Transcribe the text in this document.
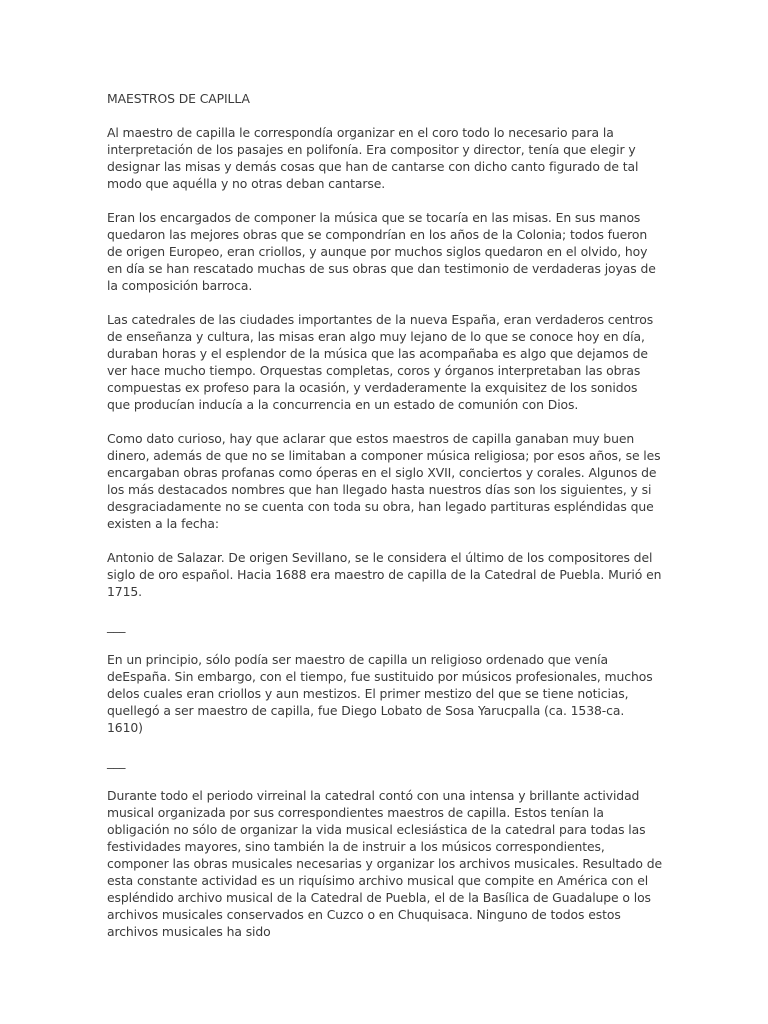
MAESTROS DE CAPILLA

Al maestro de capilla le correspondía organizar en el coro todo lo necesario para la interpretación de los pasajes en polifonía. Era compositor y director, tenía que elegir y designar las misas y demás cosas que han de cantarse con dicho canto figurado de tal modo que aquélla y no otras deban cantarse.

Eran los encargados de componer la música que se tocaría en las misas. En sus manos quedaron las mejores obras que se compondrían en los años de la Colonia; todos fueron de origen Europeo, eran criollos, y aunque por muchos siglos quedaron en el olvido, hoy en día se han rescatado muchas de sus obras que dan testimonio de verdaderas joyas de la composición barroca.

Las catedrales de las ciudades importantes de la nueva España, eran verdaderos centros de enseñanza y cultura, las misas eran algo muy lejano de lo que se conoce hoy en día, duraban horas y el esplendor de la música que las acompañaba es algo que dejamos de ver hace mucho tiempo. Orquestas completas, coros y órganos interpretaban las obras compuestas ex profeso para la ocasión, y verdaderamente la exquisitez de los sonidos que producían inducía a la concurrencia en un estado de comunión con Dios.

Como dato curioso, hay que aclarar que estos maestros de capilla ganaban muy buen dinero, además de que no se limitaban a componer música religiosa; por esos años, se les encargaban obras profanas como óperas en el siglo XVII, conciertos y corales. Algunos de los más destacados nombres que han llegado hasta nuestros días son los siguientes, y si desgraciadamente no se cuenta con toda su obra, han legado partituras espléndidas que existen a la fecha:

Antonio de Salazar. De origen Sevillano, se le considera el último de los compositores del siglo de oro español. Hacia 1688 era maestro de capilla de la Catedral de Puebla. Murió en 1715.

___

En un principio, sólo podía ser maestro de capilla un religioso ordenado que venía deEspaña. Sin embargo, con el tiempo, fue sustituido por músicos profesionales, muchos delos cuales eran criollos y aun mestizos. El primer mestizo del que se tiene noticias, quellegó a ser maestro de capilla, fue Diego Lobato de Sosa Yarucpalla (ca. 1538-ca. 1610)

___

Durante todo el periodo virreinal la catedral contó con una intensa y brillante actividad musical organizada por sus correspondientes maestros de capilla. Estos tenían la obligación no sólo de organizar la vida musical eclesiástica de la catedral para todas las festividades mayores, sino también la de instruir a los músicos correspondientes, componer las obras musicales necesarias y organizar los archivos musicales. Resultado de esta constante actividad es un riquísimo archivo musical que compite en América con el espléndido archivo musical de la Catedral de Puebla, el de la Basílica de Guadalupe o los archivos musicales conservados en Cuzco o en Chuquisaca. Ninguno de todos estos archivos musicales ha sido
